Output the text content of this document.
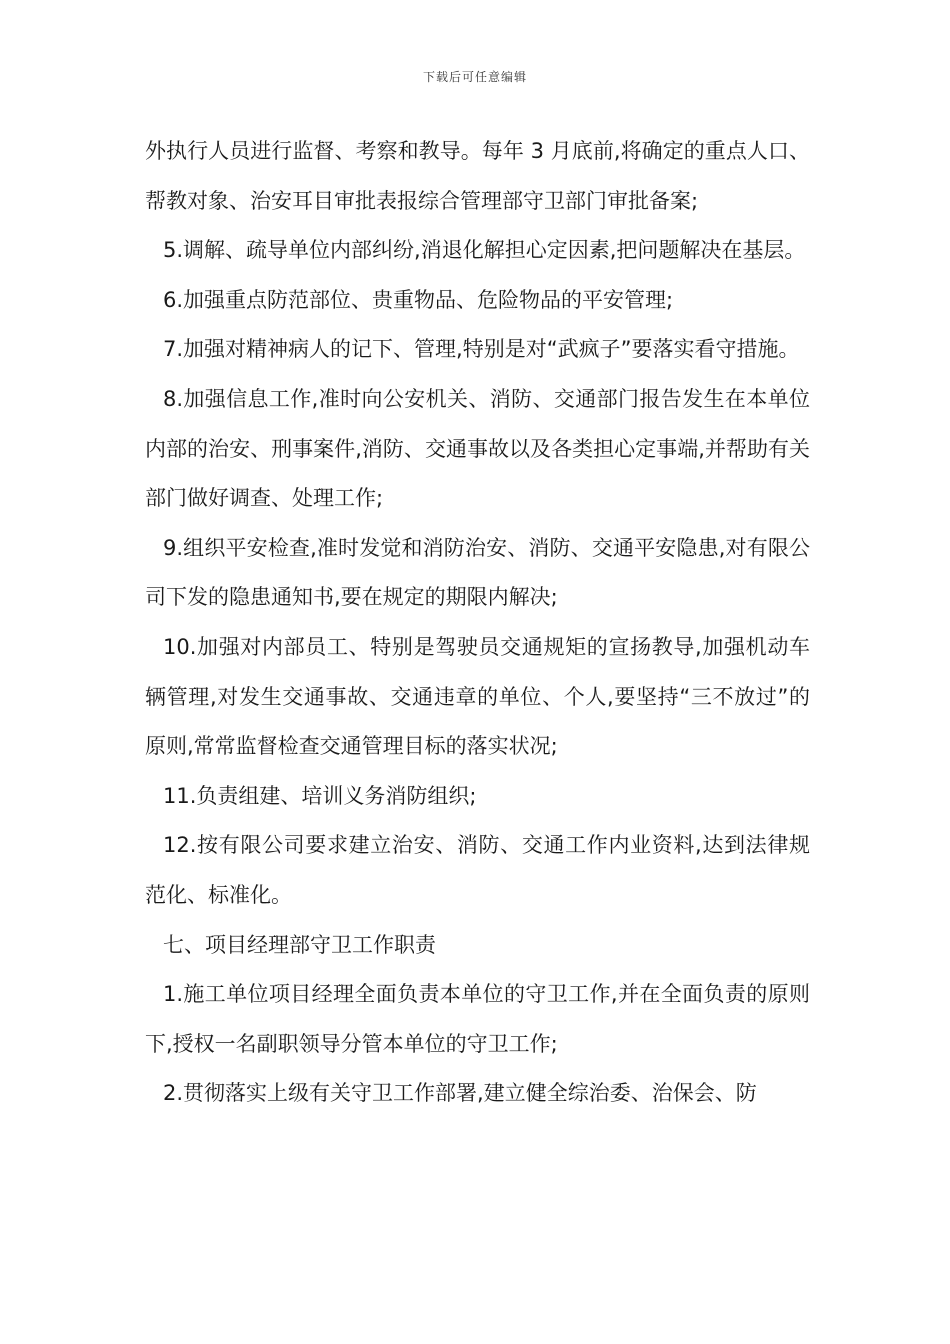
下载后可任意编辑

外执行人员进行监督、考察和教导。每年 3 月底前,将确定的重点人口、帮教对象、治安耳目审批表报综合管理部守卫部门审批备案;

5.调解、疏导单位内部纠纷,消退化解担心定因素,把问题解决在基层。

6.加强重点防范部位、贵重物品、危险物品的平安管理;

7.加强对精神病人的记下、管理,特别是对“武疯子”要落实看守措施。

8.加强信息工作,准时向公安机关、消防、交通部门报告发生在本单位内部的治安、刑事案件,消防、交通事故以及各类担心定事端,并帮助有关部门做好调查、处理工作;

9.组织平安检查,准时发觉和消防治安、消防、交通平安隐患,对有限公司下发的隐患通知书,要在规定的期限内解决;

10.加强对内部员工、特别是驾驶员交通规矩的宣扬教导,加强机动车辆管理,对发生交通事故、交通违章的单位、个人,要坚持“三不放过”的原则,常常监督检查交通管理目标的落实状况;

11.负责组建、培训义务消防组织;

12.按有限公司要求建立治安、消防、交通工作内业资料,达到法律规范化、标准化。

七、项目经理部守卫工作职责

1.施工单位项目经理全面负责本单位的守卫工作,并在全面负责的原则下,授权一名副职领导分管本单位的守卫工作;

2.贯彻落实上级有关守卫工作部署,建立健全综治委、治保会、防
